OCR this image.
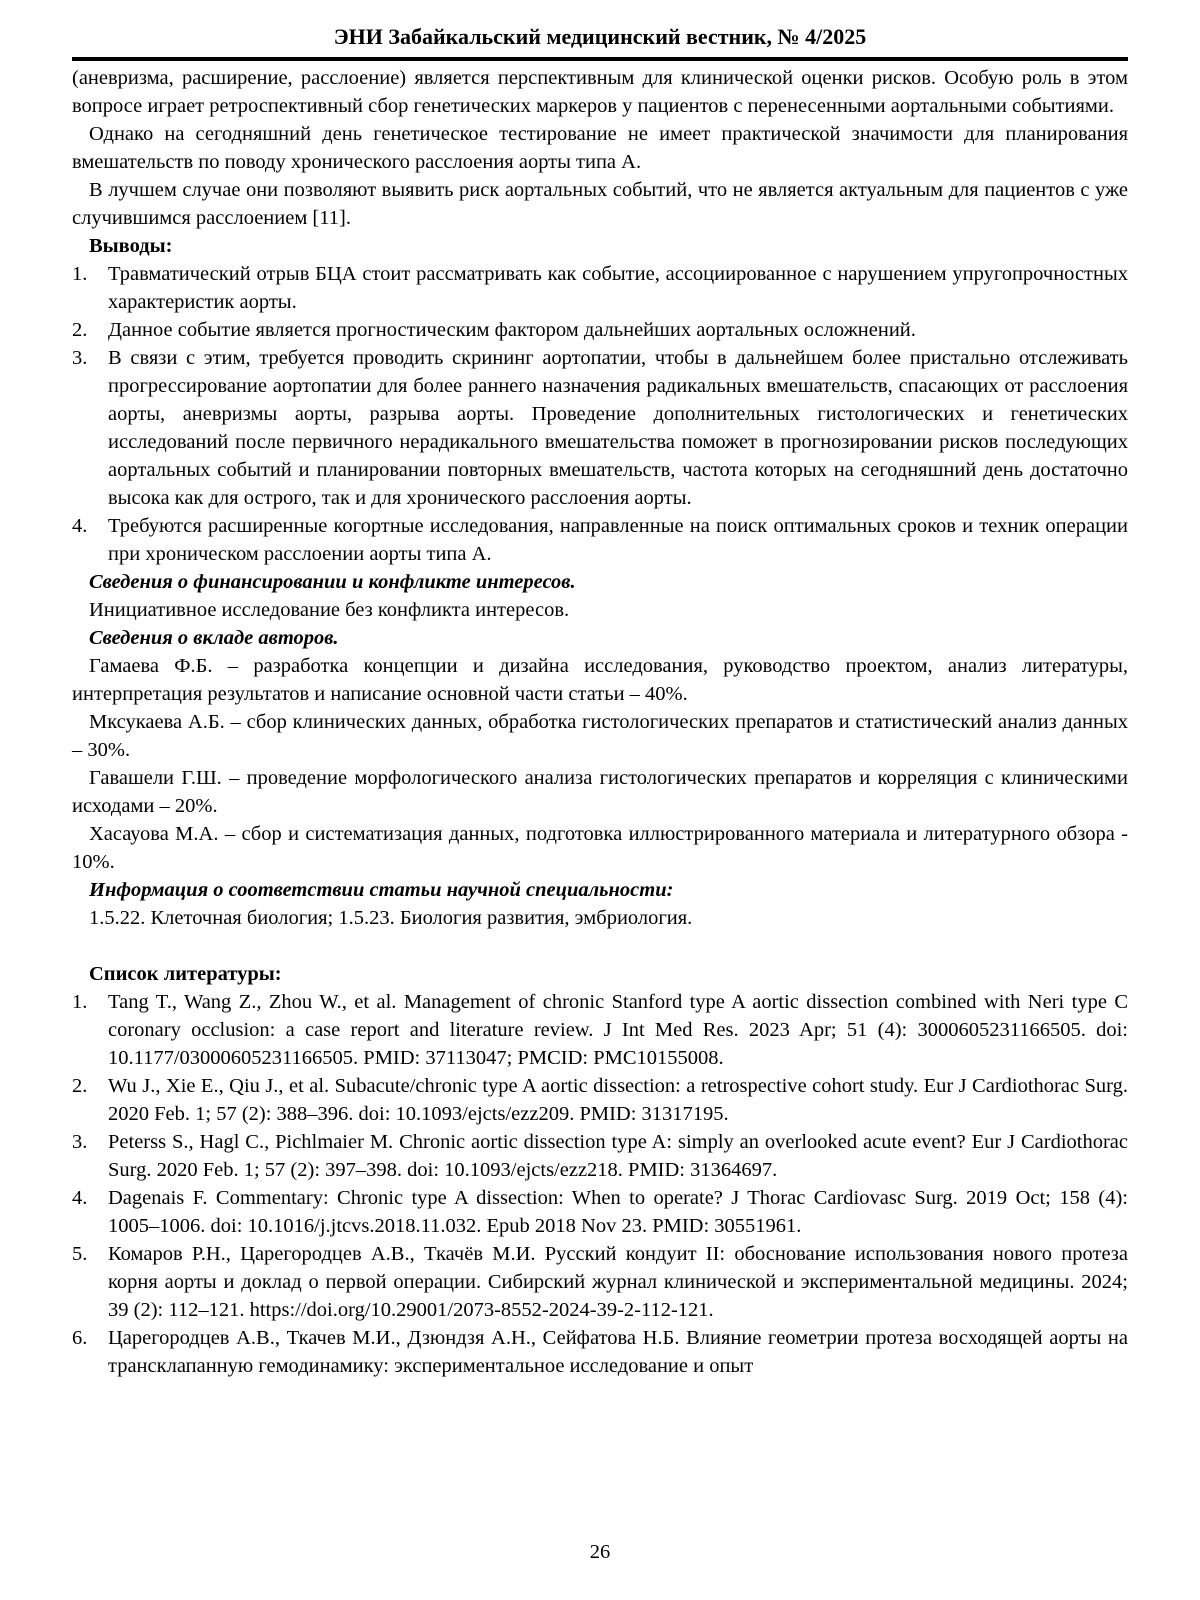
ЭНИ Забайкальский медицинский вестник, № 4/2025

(аневризма, расширение, расслоение) является перспективным для клинической оценки рисков. Особую роль в этом вопросе играет ретроспективный сбор генетических маркеров у пациентов с перенесенными аортальными событиями.

Однако на сегодняшний день генетическое тестирование не имеет практической значимости для планирования вмешательств по поводу хронического расслоения аорты типа А.

В лучшем случае они позволяют выявить риск аортальных событий, что не является актуальным для пациентов с уже случившимся расслоением [11].

Выводы:

1. Травматический отрыв БЦА стоит рассматривать как событие, ассоциированное с нарушением упругопрочностных характеристик аорты.
2. Данное событие является прогностическим фактором дальнейших аортальных осложнений.
3. В связи с этим, требуется проводить скрининг аортопатии, чтобы в дальнейшем более пристально отслеживать прогрессирование аортопатии для более раннего назначения радикальных вмешательств, спасающих от расслоения аорты, аневризмы аорты, разрыва аорты. Проведение дополнительных гистологических и генетических исследований после первичного нерадикального вмешательства поможет в прогнозировании рисков последующих аортальных событий и планировании повторных вмешательств, частота которых на сегодняшний день достаточно высока как для острого, так и для хронического расслоения аорты.
4. Требуются расширенные когортные исследования, направленные на поиск оптимальных сроков и техник операции при хроническом расслоении аорты типа А.

Сведения о финансировании и конфликте интересов.

Инициативное исследование без конфликта интересов.

Сведения о вкладе авторов.

Гамаева Ф.Б. – разработка концепции и дизайна исследования, руководство проектом, анализ литературы, интерпретация результатов и написание основной части статьи – 40%.

Мксукаева А.Б. – сбор клинических данных, обработка гистологических препаратов и статистический анализ данных – 30%.

Гавашели Г.Ш. – проведение морфологического анализа гистологических препаратов и корреляция с клиническими исходами – 20%.

Хасауова М.А. – сбор и систематизация данных, подготовка иллюстрированного материала и литературного обзора - 10%.

Информация о соответствии статьи научной специальности:

1.5.22. Клеточная биология; 1.5.23. Биология развития, эмбриология.

Список литературы:

1. Tang T., Wang Z., Zhou W., et al. Management of chronic Stanford type A aortic dissection combined with Neri type C coronary occlusion: a case report and literature review. J Int Med Res. 2023 Apr; 51 (4): 3000605231166505. doi: 10.1177/03000605231166505. PMID: 37113047; PMCID: PMC10155008.
2. Wu J., Xie E., Qiu J., et al. Subacute/chronic type A aortic dissection: a retrospective cohort study. Eur J Cardiothorac Surg. 2020 Feb. 1; 57 (2): 388–396. doi: 10.1093/ejcts/ezz209. PMID: 31317195.
3. Peterss S., Hagl C., Pichlmaier M. Chronic aortic dissection type A: simply an overlooked acute event? Eur J Cardiothorac Surg. 2020 Feb. 1; 57 (2): 397–398. doi: 10.1093/ejcts/ezz218. PMID: 31364697.
4. Dagenais F. Commentary: Chronic type A dissection: When to operate? J Thorac Cardiovasc Surg. 2019 Oct; 158 (4): 1005–1006. doi: 10.1016/j.jtcvs.2018.11.032. Epub 2018 Nov 23. PMID: 30551961.
5. Комаров Р.Н., Царегородцев А.В., Ткачёв М.И. Русский кондуит II: обоснование использования нового протеза корня аорты и доклад о первой операции. Сибирский журнал клинической и экспериментальной медицины. 2024; 39 (2): 112–121. https://doi.org/10.29001/2073-8552-2024-39-2-112-121.
6. Царегородцев А.В., Ткачев М.И., Дзюндзя А.Н., Сейфатова Н.Б. Влияние геометрии протеза восходящей аорты на трансклапанную гемодинамику: экспериментальное исследование и опыт
26
